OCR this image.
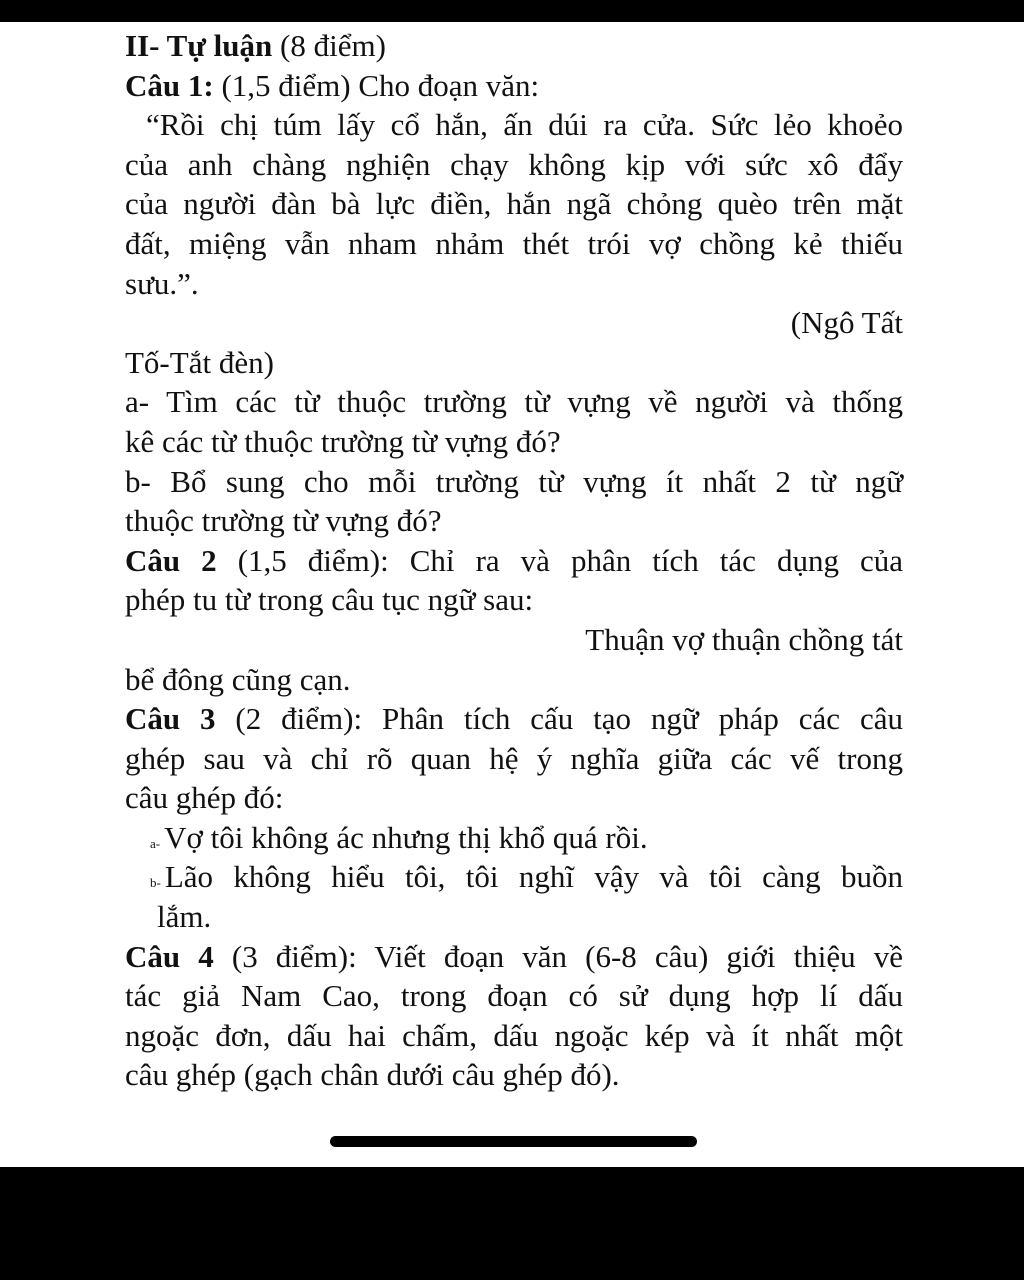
II- Tự luận (8 điểm)
Câu 1: (1,5 điểm) Cho đoạn văn:
“Rồi chị túm lấy cổ hắn, ấn dúi ra cửa. Sức lẻo khoẻo
của anh chàng nghiện chạy không kịp với sức xô đẩy
của người đàn bà lực điền, hắn ngã chỏng quèo trên mặt
đất, miệng vẫn nham nhảm thét trói vợ chồng kẻ thiếu
sưu.”.
(Ngô Tất
Tố-Tắt đèn)
a- Tìm các từ thuộc trường từ vựng về người và thống
kê các từ thuộc trường từ vựng đó?
b- Bổ sung cho mỗi trường từ vựng ít nhất 2 từ ngữ
thuộc trường từ vựng đó?
Câu 2 (1,5 điểm): Chỉ ra và phân tích tác dụng của
phép tu từ trong câu tục ngữ sau:
Thuận vợ thuận chồng tát
bể đông cũng cạn.
Câu 3 (2 điểm): Phân tích cấu tạo ngữ pháp các câu
ghép sau và chỉ rõ quan hệ ý nghĩa giữa các vế trong
câu ghép đó:
a- Vợ tôi không ác nhưng thị khổ quá rồi.
b- Lão không hiểu tôi, tôi nghĩ vậy và tôi càng buồn
lắm.
Câu 4 (3 điểm): Viết đoạn văn (6-8 câu) giới thiệu về
tác giả Nam Cao, trong đoạn có sử dụng hợp lí dấu
ngoặc đơn, dấu hai chấm, dấu ngoặc kép và ít nhất một
câu ghép (gạch chân dưới câu ghép đó).
